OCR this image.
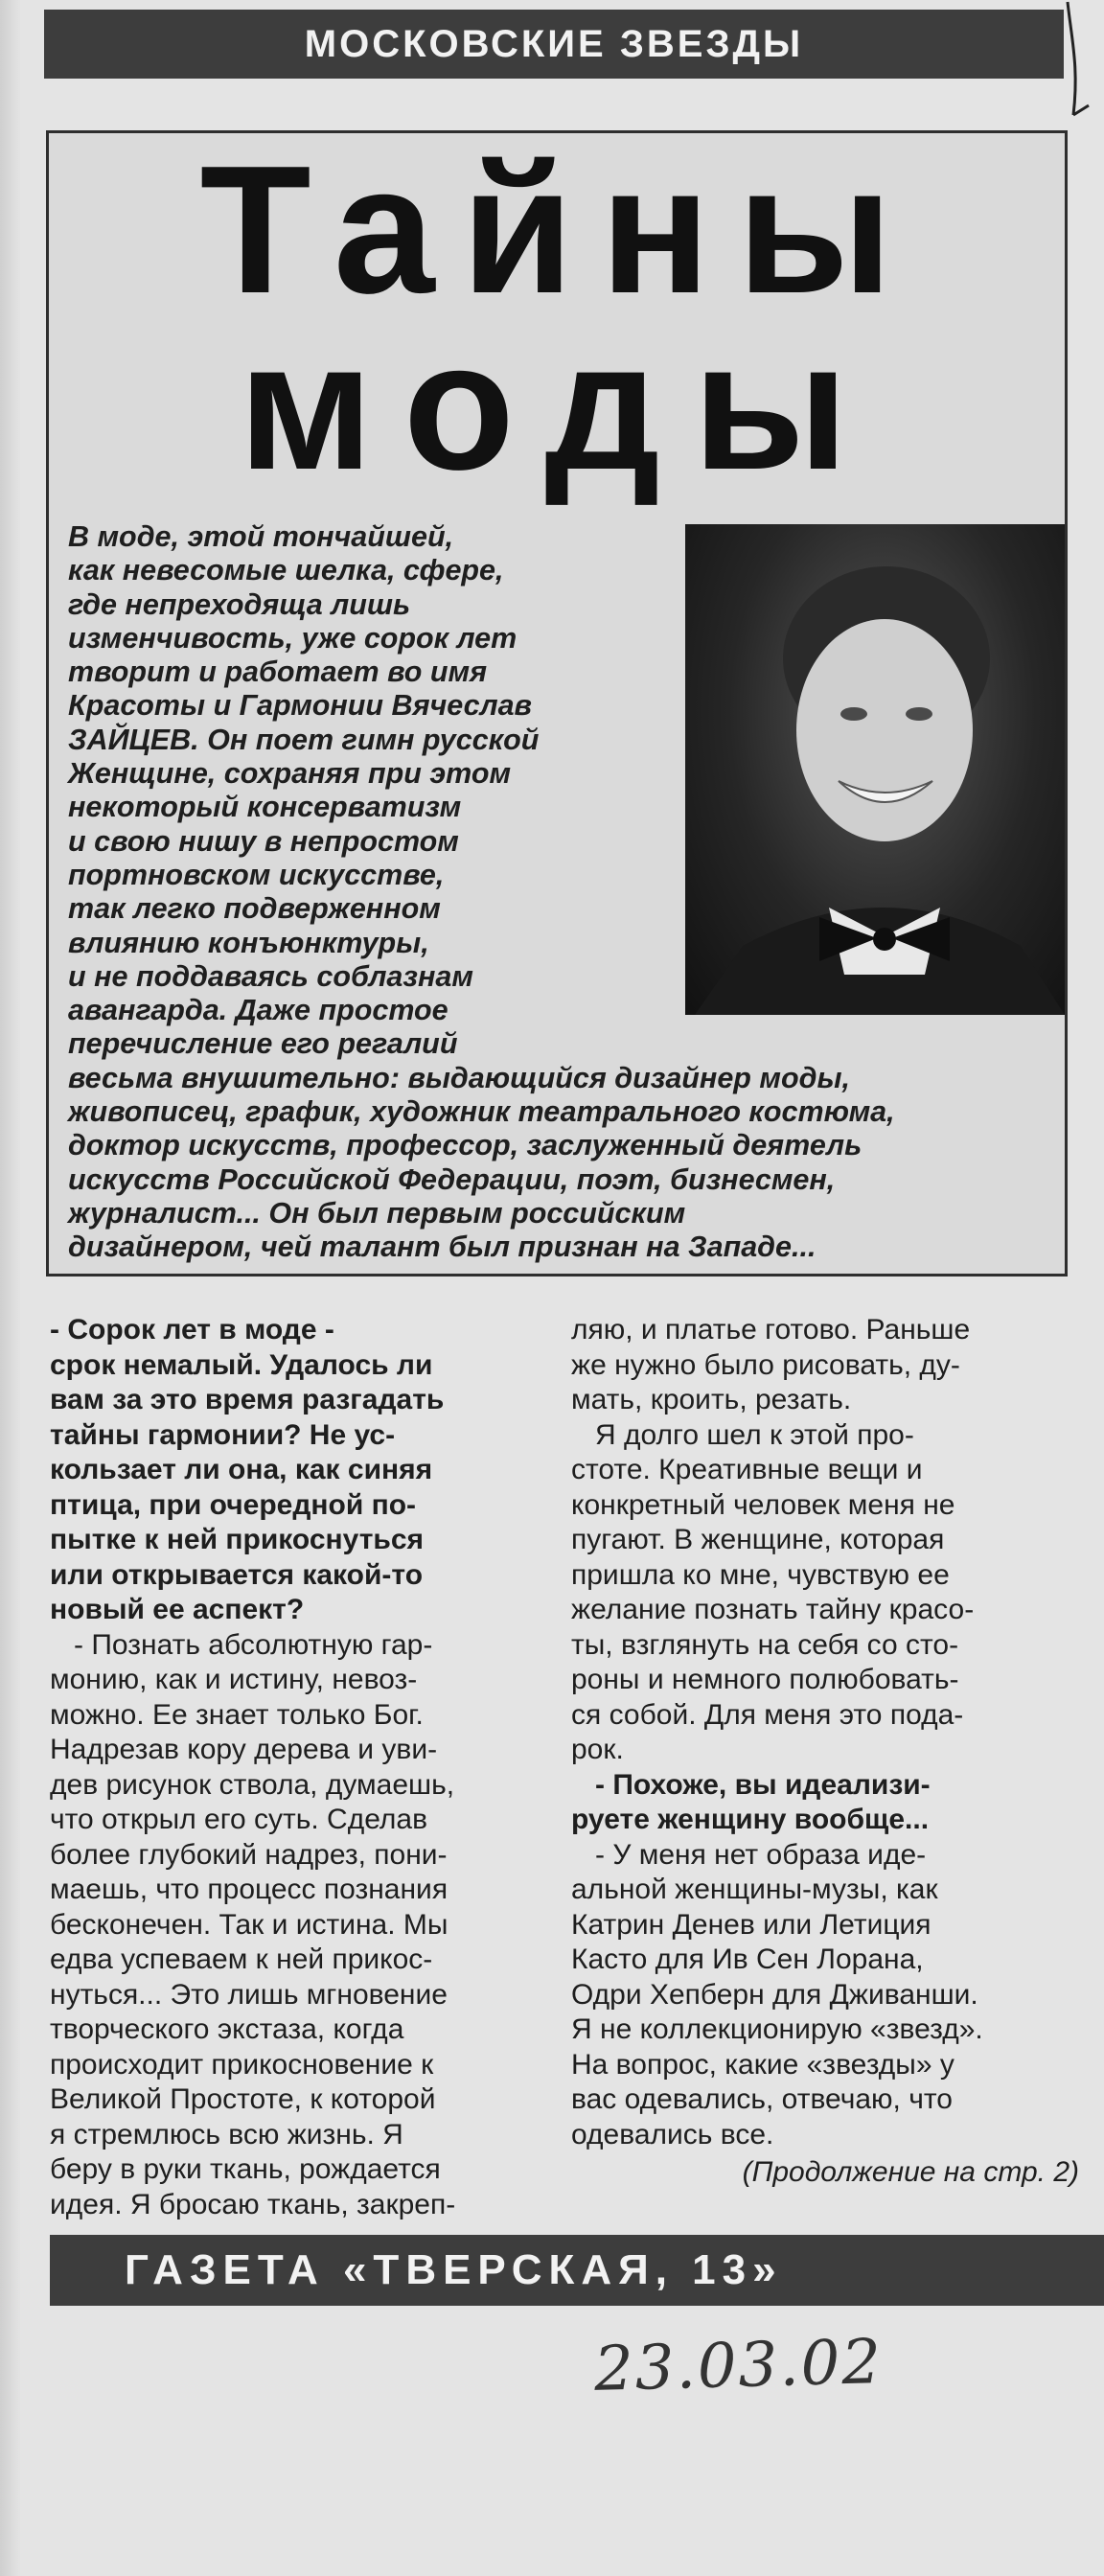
МОСКОВСКИЕ ЗВЕЗДЫ
Тайны
моды

В моде, этой тончайшей,
как невесомые шелка, сфере,
где непреходяща лишь
изменчивость, уже сорок лет
творит и работает во имя
Красоты и Гармонии Вячеслав
ЗАЙЦЕВ. Он поет гимн русской
Женщине, сохраняя при этом
некоторый консерватизм
и свою нишу в непростом
портновском искусстве,
так легко подверженном
влиянию конъюнктуры,
и не поддаваясь соблазнам
авангарда. Даже простое
перечисление его регалий
весьма внушительно: выдающийся дизайнер моды,
живописец, график, художник театрального костюма,
доктор искусств, профессор, заслуженный деятель
искусств Российской Федерации, поэт, бизнесмен,
журналист... Он был первым российским
дизайнером, чей талант был признан на Западе...

- Сорок лет в моде -
срок немалый. Удалось ли
вам за это время разгадать
тайны гармонии? Не ус-
кользает ли она, как синяя
птица, при очередной по-
пытке к ней прикоснуться
или открывается какой-то
новый ее аспект?
- Познать абсолютную гар-
монию, как и истину, невоз-
можно. Ее знает только Бог.
Надрезав кору дерева и уви-
дев рисунок ствола, думаешь,
что открыл его суть. Сделав
более глубокий надрез, пони-
маешь, что процесс познания
бесконечен. Так и истина. Мы
едва успеваем к ней прикос-
нуться... Это лишь мгновение
творческого экстаза, когда
происходит прикосновение к
Великой Простоте, к которой
я стремлюсь всю жизнь. Я
беру в руки ткань, рождается
идея. Я бросаю ткань, закреп-
ляю, и платье готово. Раньше
же нужно было рисовать, ду-
мать, кроить, резать.
Я долго шел к этой про-
стоте. Креативные вещи и
конкретный человек меня не
пугают. В женщине, которая
пришла ко мне, чувствую ее
желание познать тайну красо-
ты, взглянуть на себя со сто-
роны и немного полюбовать-
ся собой. Для меня это пода-
рок.
- Похоже, вы идеализи-
руете женщину вообще...
- У меня нет образа иде-
альной женщины-музы, как
Катрин Денев или Летиция
Касто для Ив Сен Лорана,
Одри Хепберн для Дживанши.
Я не коллекционирую «звезд».
На вопрос, какие «звезды» у
вас одевались, отвечаю, что
одевались все.
(Продолжение на стр. 2)
ГАЗЕТА «ТВЕРСКАЯ, 13»
23.03.02
